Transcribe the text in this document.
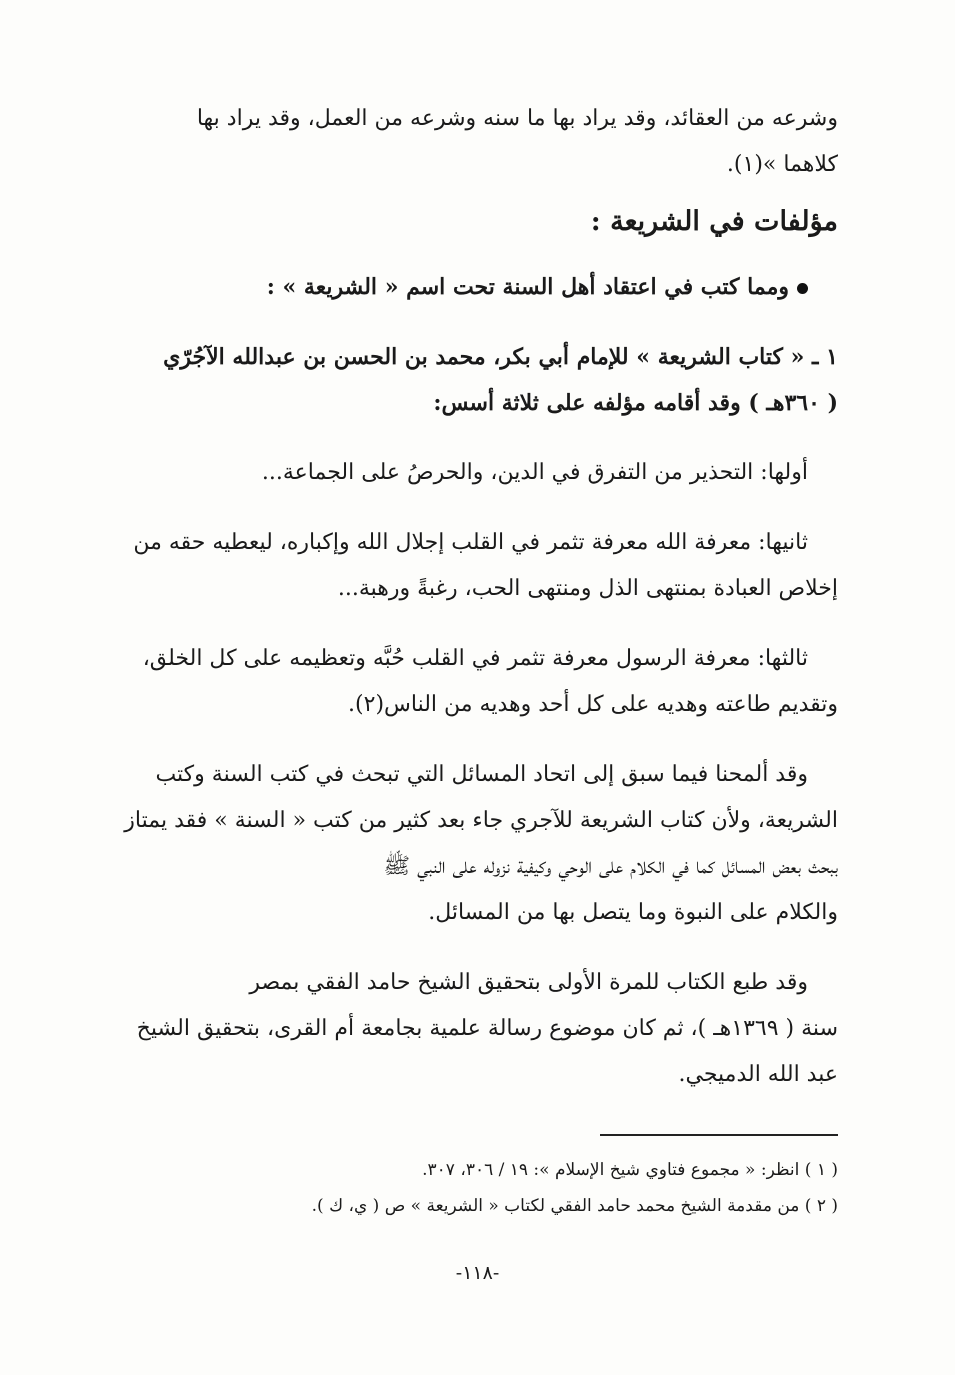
وشرعه من العقائد، وقد يراد بها ما سنه وشرعه من العمل، وقد يراد بها

كلاهما »(١).

مؤلفات في الشريعة :

ومما كتب في اعتقاد أهل السنة تحت اسم « الشريعة » :

١ ـ « كتاب الشريعة » للإمام أبي بكر، محمد بن الحسن بن عبدالله الآجُرّي

( ٣٦٠هـ ) وقد أقامه مؤلفه على ثلاثة أسس:

أولها: التحذير من التفرق في الدين، والحرصُ على الجماعة...

ثانيها: معرفة الله معرفة تثمر في القلب إجلال الله وإكباره، ليعطيه حقه من

إخلاص العبادة بمنتهى الذل ومنتهى الحب، رغبةً ورهبة...

ثالثها: معرفة الرسول معرفة تثمر في القلب حُبَّه وتعظيمه على كل الخلق،

وتقديم طاعته وهديه على كل أحد وهديه من الناس(٢).

وقد ألمحنا فيما سبق إلى اتحاد المسائل التي تبحث في كتب السنة وكتب

الشريعة، ولأن كتاب الشريعة للآجري جاء بعد كثير من كتب « السنة » فقد يمتاز

ببحث بعض المسائل كما في الكلام على الوحي وكيفية نزوله على النبي ﷺ

والكلام على النبوة وما يتصل بها من المسائل.

وقد طبع الكتاب للمرة الأولى بتحقيق الشيخ حامد الفقي بمصر

سنة ( ١٣٦٩هـ )، ثم كان موضوع رسالة علمية بجامعة أم القرى، بتحقيق الشيخ

عبد الله الدميجي.

( ١ ) انظر: « مجموع فتاوي شيخ الإسلام »: ١٩ / ٣٠٦، ٣٠٧.

( ٢ ) من مقدمة الشيخ محمد حامد الفقي لكتاب « الشريعة » ص ( ي، ك ).

-١١٨-
